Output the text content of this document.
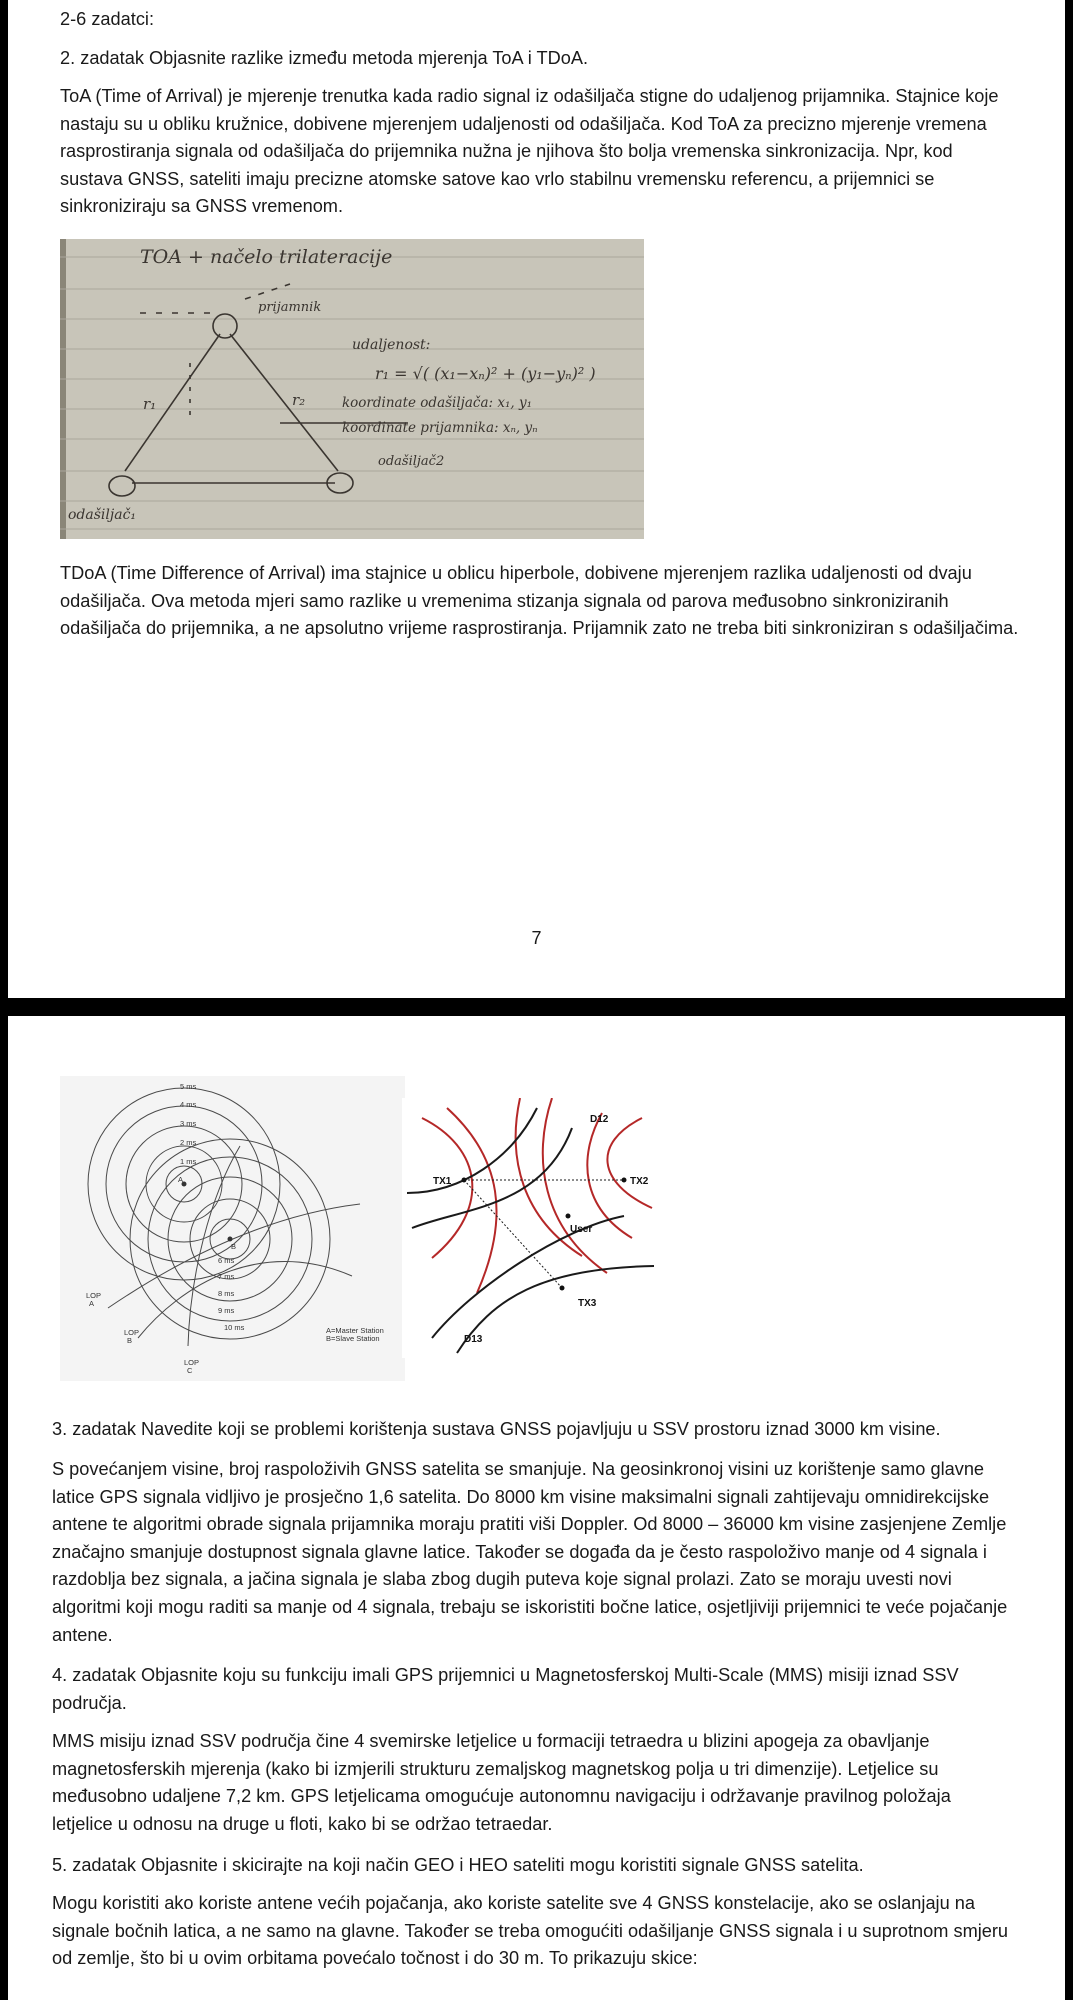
2-6 zadatci:

2. zadatak Objasnite razlike između metoda mjerenja ToA i TDoA.

ToA (Time of Arrival) je mjerenje trenutka kada radio signal iz odašiljača stigne do udaljenog prijamnika. Stajnice koje nastaju su u obliku kružnice, dobivene mjerenjem udaljenosti od odašiljača. Kod ToA za precizno mjerenje vremena rasprostiranja signala od odašiljača do prijemnika nužna je njihova što bolja vremenska sinkronizacija. Npr, kod sustava GNSS, sateliti imaju precizne atomske satove kao vrlo stabilnu vremensku referencu, a prijemnici se sinkroniziraju sa GNSS vremenom.

TOA + načelo trilateracije
prijamnik
udaljenost:
r₁ = √( (x₁−xₙ)² + (y₁−yₙ)² )
koordinate odašiljača: x₁, y₁
koordinate prijamnika: xₙ, yₙ
r₁	r₂
odašiljač2
odašiljač₁

TDoA (Time Difference of Arrival) ima stajnice u oblicu hiperbole, dobivene mjerenjem razlika udaljenosti od dvaju odašiljača. Ova metoda mjeri samo razlike u vremenima stizanja signala od parova međusobno sinkroniziranih odašiljača do prijemnika, a ne apsolutno vrijeme rasprostiranja. Prijamnik zato ne treba biti sinkroniziran s odašiljačima.

7
5 ms
4 ms
3 ms
2 ms
1 ms
6 ms
7 ms
8 ms
9 ms
10 ms
A
B
LOP
A
LOP
B
LOP
C
A=Master Station
B=Slave Station
D12
TX1	TX2
User
TX3
D13

3. zadatak Navedite koji se problemi korištenja sustava GNSS pojavljuju u SSV prostoru iznad 3000 km visine.

S povećanjem visine, broj raspoloživih GNSS satelita se smanjuje. Na geosinkronoj visini uz korištenje samo glavne latice GPS signala vidljivo je prosječno 1,6 satelita. Do 8000 km visine maksimalni signali zahtijevaju omnidirekcijske antene te algoritmi obrade signala prijamnika moraju pratiti viši Doppler. Od 8000 – 36000 km visine zasjenjene Zemlje značajno smanjuje dostupnost signala glavne latice. Također se događa da je često raspoloživo manje od 4 signala i razdoblja bez signala, a jačina signala je slaba zbog dugih puteva koje signal prolazi. Zato se moraju uvesti novi algoritmi koji mogu raditi sa manje od 4 signala, trebaju se iskoristiti bočne latice, osjetljiviji prijemnici te veće pojačanje antene.

4. zadatak Objasnite koju su funkciju imali GPS prijemnici u Magnetosferskoj Multi-Scale (MMS) misiji iznad SSV područja.

MMS misiju iznad SSV područja čine 4 svemirske letjelice u formaciji tetraedra u blizini apogeja za obavljanje magnetosferskih mjerenja (kako bi izmjerili strukturu zemaljskog magnetskog polja u tri dimenzije). Letjelice su međusobno udaljene 7,2 km. GPS letjelicama omogućuje autonomnu navigaciju i održavanje pravilnog položaja letjelice u odnosu na druge u floti, kako bi se održao tetraedar.

5. zadatak Objasnite i skicirajte na koji način GEO i HEO sateliti mogu koristiti signale GNSS satelita.

Mogu koristiti ako koriste antene većih pojačanja, ako koriste satelite sve 4 GNSS konstelacije, ako se oslanjaju na signale bočnih latica, a ne samo na glavne. Također se treba omogućiti odašiljanje GNSS signala i u suprotnom smjeru od zemlje, što bi u ovim orbitama povećalo točnost i do 30 m. To prikazuju skice:
